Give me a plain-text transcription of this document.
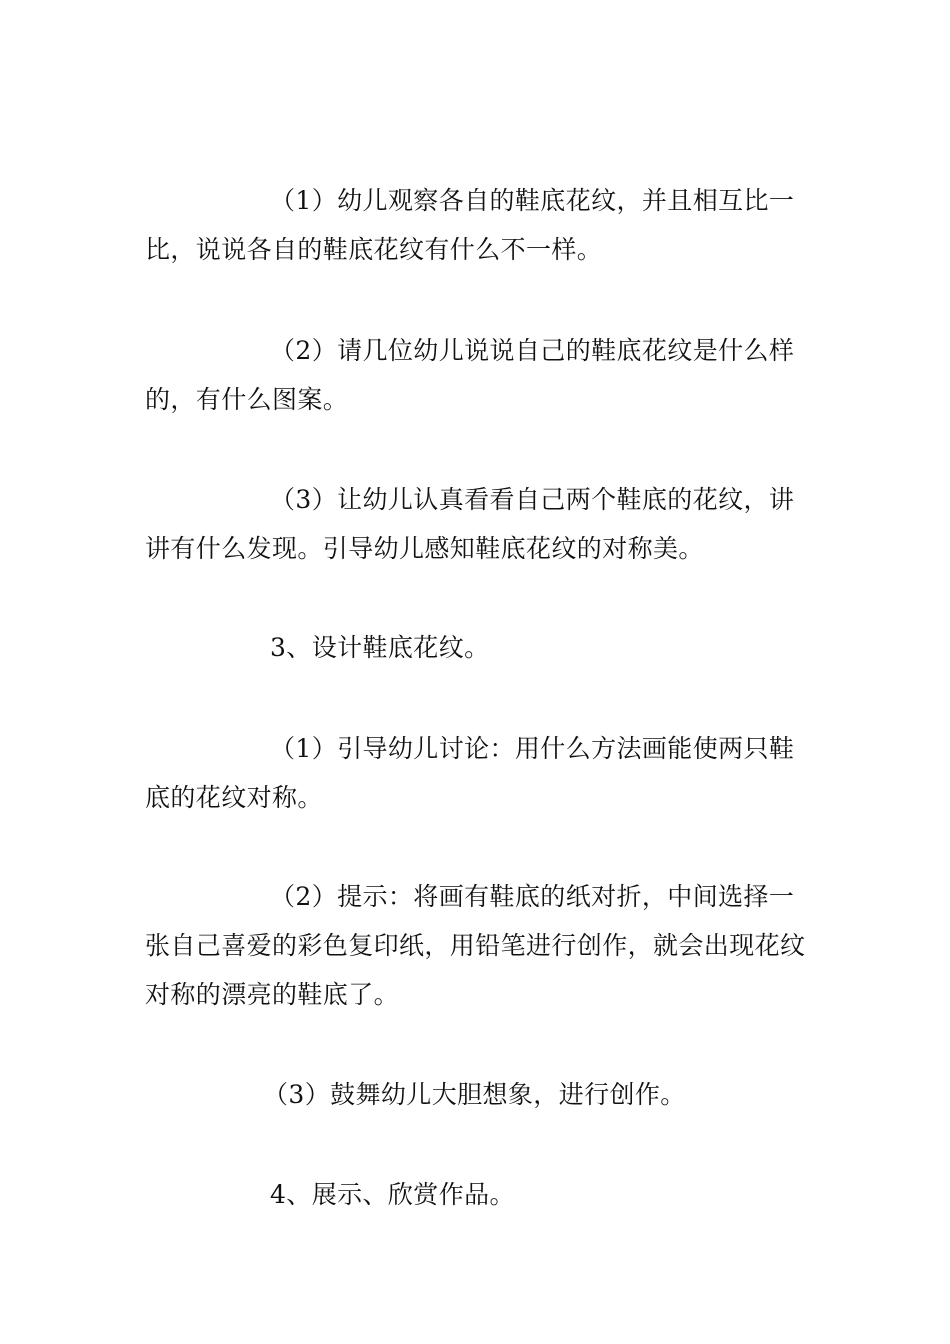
（1）幼儿观察各自的鞋底花纹，并且相互比一比，说说各自的鞋底花纹有什么不一样。

（2）请几位幼儿说说自己的鞋底花纹是什么样的，有什么图案。

（3）让幼儿认真看看自己两个鞋底的花纹，讲讲有什么发现。引导幼儿感知鞋底花纹的对称美。

3、设计鞋底花纹。

（1）引导幼儿讨论：用什么方法画能使两只鞋底的花纹对称。

（2）提示：将画有鞋底的纸对折，中间选择一张自己喜爱的彩色复印纸，用铅笔进行创作，就会出现花纹对称的漂亮的鞋底了。

（3）鼓舞幼儿大胆想象，进行创作。

4、展示、欣赏作品。
